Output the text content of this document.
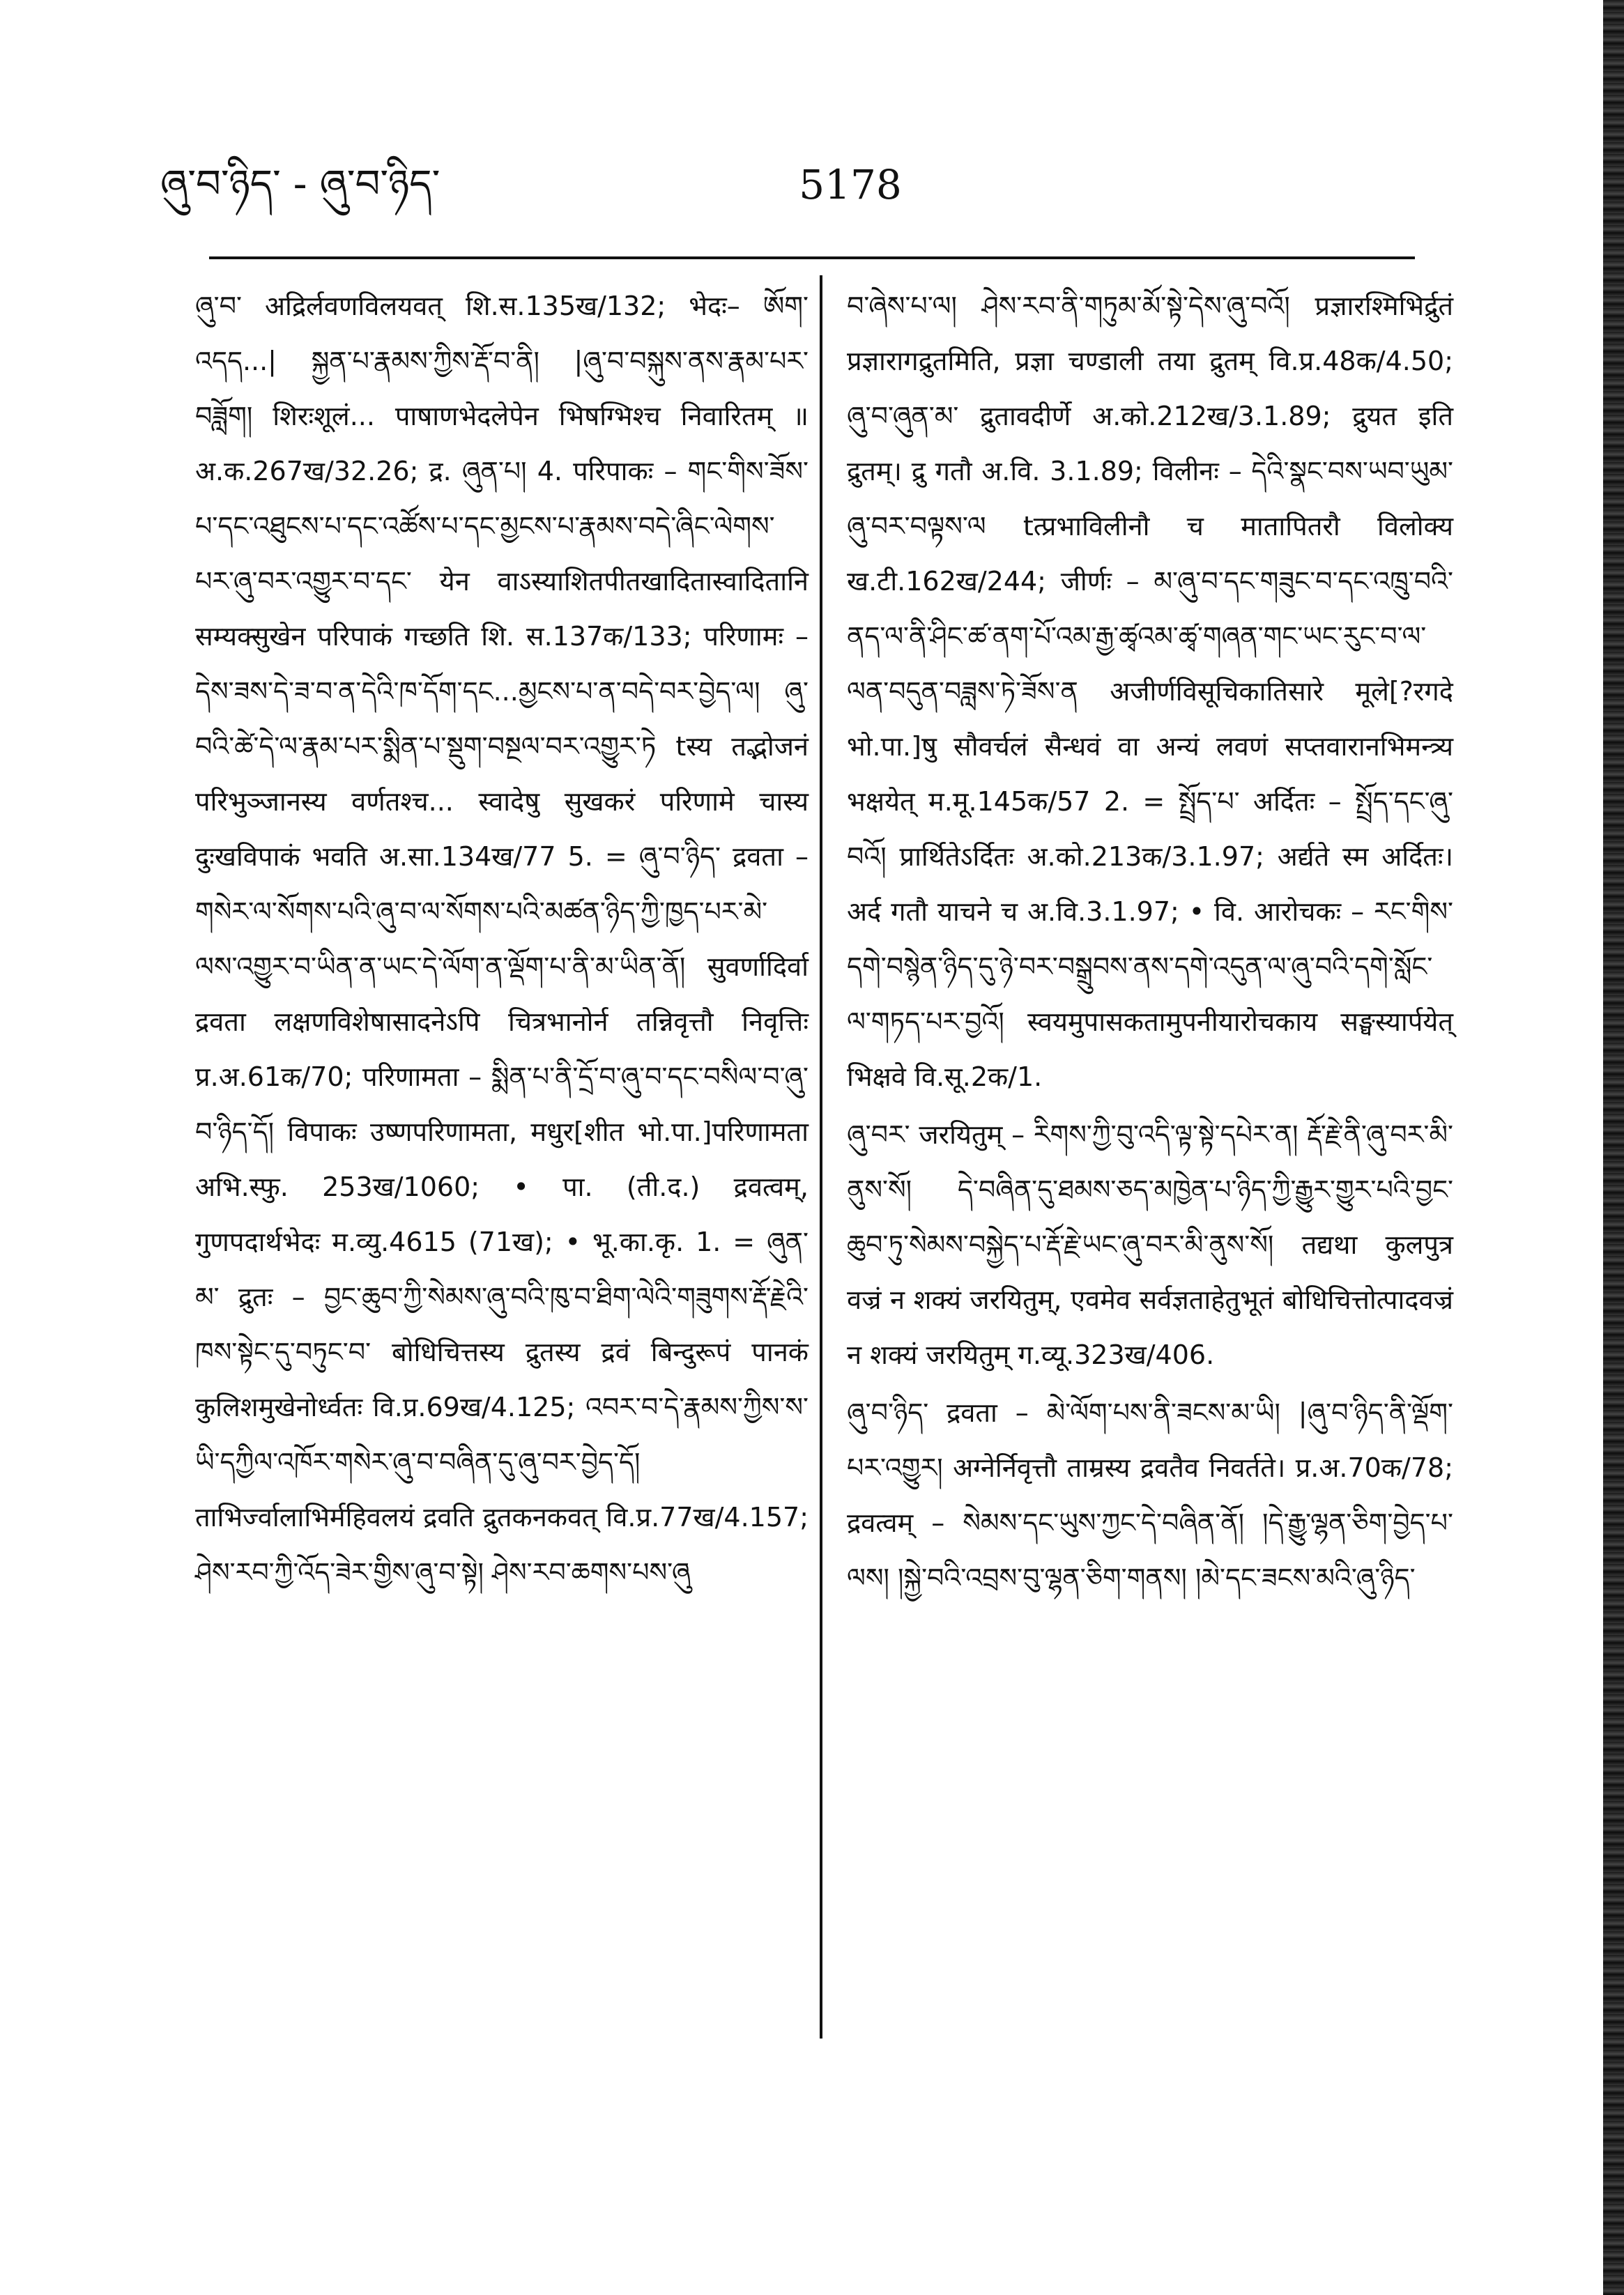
ཞུ་བ་ཉིད་ - ཞུ་བ་ཉིད་	5178

ཞུ་བ་ अद्रिर्लवणविलयवत् शि.स.135ख/132; भेदः– ཨོག་འདད...| སྐྱན་པ་རྣམས་ཀྱིས་རྡོ་བ་ནི། |ཞུ་བ་བསྐུས་ནས་རྣམ་པར་བཟློག། शिरःशूलं... पाषाणभेदलेपेन भिषग्भिश्च निवारितम् ॥ अ.क.267ख/32.26; द्र. ཞུན་པ། 4. परिपाकः – གང་གིས་ཟོས་པ་དང་འཐུངས་པ་དང་འཚོས་པ་དང་མྱངས་པ་རྣམས་བདེ་ཞིང་ལེགས་པར་ཞུ་བར་འགྱུར་བ་དང་ येन वाऽस्याशितपीतखादितास्वादितानि सम्यक्सुखेन परिपाकं गच्छति शि. स.137क/133; परिणामः – དེས་ཟས་དེ་ཟ་བ་ན་དེའི་ཁ་དོག་དང...མྱངས་པ་ན་བདེ་བར་བྱེད་ལ། ཞུ་བའི་ཚེ་དེ་ལ་རྣམ་པར་སྨིན་པ་སྡུག་བསྔལ་བར་འགྱུར་ཏེ tस्य तद्भोजनं परिभुञ्जानस्य वर्णतश्च... स्वादेषु सुखकरं परिणामे चास्य दुःखविपाकं भवति अ.सा.134ख/77 5. = ཞུ་བ་ཉིད་ द्रवता – གསེར་ལ་སོགས་པའི་ཞུ་བ་ལ་སོགས་པའི་མཚན་ཉིད་ཀྱི་ཁྱད་པར་མེ་ལས་འགྱུར་བ་ཡིན་ན་ཡང་དེ་ལོག་ན་ལྡོག་པ་ནི་མ་ཡིན་ནོ། सुवर्णादिर्वा द्रवता लक्षणविशेषासादनेऽपि चित्रभानोर्न तन्निवृत्तौ निवृत्तिः प्र.अ.61क/70; परिणामता – སྨིན་པ་ནི་དྲོ་བ་ཞུ་བ་དང་བསིལ་བ་ཞུ་བ་ཉིད་དོ། विपाकः उष्णपरिणामता, मधुर[शीत भो.पा.]परिणामता अभि.स्फु. 253ख/1060; • पा. (ती.द.) द्रवत्वम्, गुणपदार्थभेदः म.व्यु.4615 (71ख); • भू.का.कृ. 1. = ཞུན་མ་ द्रुतः – བྱང་ཆུབ་ཀྱི་སེམས་ཞུ་བའི་ཁུ་བ་ཐིག་ལེའི་གཟུགས་རྡོ་རྗེའི་ཁས་སྟེང་དུ་བཏུང་བ་ बोधिचित्तस्य द्रुतस्य द्रवं बिन्दुरूपं पानकं कुलिशमुखेनोर्ध्वतः वि.प्र.69ख/4.125; འབར་བ་དེ་རྣམས་ཀྱིས་ས་ཡི་དཀྱིལ་འཁོར་གསེར་ཞུ་བ་བཞིན་དུ་ཞུ་བར་བྱེད་དོ། ताभिर्ज्वालाभिर्महिवलयं द्रवति द्रुतकनकवत् वि.प्र.77ख/4.157; ཤེས་རབ་ཀྱི་འོད་ཟེར་གྱིས་ཞུ་བ་སྟེ། ཤེས་རབ་ཆགས་པས་ཞུ

བ་ཞེས་པ་ལ། ཤེས་རབ་ནི་གཏུམ་མོ་སྟེ་དེས་ཞུ་བའོ། प्रज्ञारश्मिभिर्द्रुतं प्रज्ञारागद्रुतमिति, प्रज्ञा चण्डाली तया द्रुतम् वि.प्र.48क/4.50; ཞུ་བ་ཞུན་མ་ द्रुतावदीर्णे अ.को.212ख/3.1.89; द्रुयत इति द्रुतम्। द्रु गतौ अ.वि. 3.1.89; विलीनः – དེའི་སྣང་བས་ཡབ་ཡུམ་ཞུ་བར་བལྟས་ལ tत्प्रभाविलीनौ च मातापितरौ विलोक्य ख.टी.162ख/244; जीर्णः – མ་ཞུ་བ་དང་གཟུང་བ་དང་འཁྲུ་བའི་ནད་ལ་ནི་ཤིང་ཚ་ནག་པོ་འམ་རྒྱ་ཚྭའམ་ཚྭ་གཞན་གང་ཡང་རུང་བ་ལ་ལན་བདུན་བཟླས་ཏེ་ཟོས་ན अजीर्णविसूचिकातिसारे मूले[?रगदे भो.पा.]षु सौवर्चलं सैन्धवं वा अन्यं लवणं सप्तवारानभिमन्त्र्य भक्षयेत् म.मू.145क/57 2. = སྤྲོད་པ་ अर्दितः – སྤྲོད་དང་ཞུ་བའོ། प्रार्थितेऽर्दितः अ.को.213क/3.1.97; अर्द्यते स्म अर्दितः। अर्द गतौ याचने च अ.वि.3.1.97; • वि. आरोचकः – རང་གིས་དགེ་བསྙེན་ཉིད་དུ་ཉེ་བར་བསྒྲུབས་ནས་དགེ་འདུན་ལ་ཞུ་བའི་དགེ་སློང་ལ་གཏད་པར་བྱའོ། स्वयमुपासकतामुपनीयारोचकाय सङ्घस्यार्पयेत् भिक्षवे वि.सू.2क/1.

ཞུ་བར་ जरयितुम् – རིགས་ཀྱི་བུ་འདི་ལྟ་སྟེ་དཔེར་ན། རྡོ་རྗེ་ནི་ཞུ་བར་མི་ནུས་སོ། དེ་བཞིན་དུ་ཐམས་ཅད་མཁྱེན་པ་ཉིད་ཀྱི་རྒྱུར་གྱུར་པའི་བྱང་ཆུབ་ཏུ་སེམས་བསྐྱེད་པ་རྡོ་རྗེ་ཡང་ཞུ་བར་མི་ནུས་སོ། तद्यथा कुलपुत्र वज्रं न शक्यं जरयितुम्, एवमेव सर्वज्ञताहेतुभूतं बोधिचित्तोत्पादवज्रं न शक्यं जरयितुम् ग.व्यू.323ख/406.

ཞུ་བ་ཉིད་ द्रवता – མེ་ལོག་པས་ནི་ཟངས་མ་ཡི། |ཞུ་བ་ཉིད་ནི་ལྡོག་པར་འགྱུར། अग्नेर्निवृत्तौ ताम्रस्य द्रवतैव निवर्तते। प्र.अ.70क/78; द्रवत्वम् – སེམས་དང་ཡུས་ཀྱང་དེ་བཞིན་ནོ། །དེ་རྒྱུ་ལྷན་ཅིག་བྱེད་པ་ལས། །སྐྱེ་བའི་འབྲས་བུ་ལྷན་ཅིག་གནས། །མེ་དང་ཟངས་མའི་ཞུ་ཉིད་
